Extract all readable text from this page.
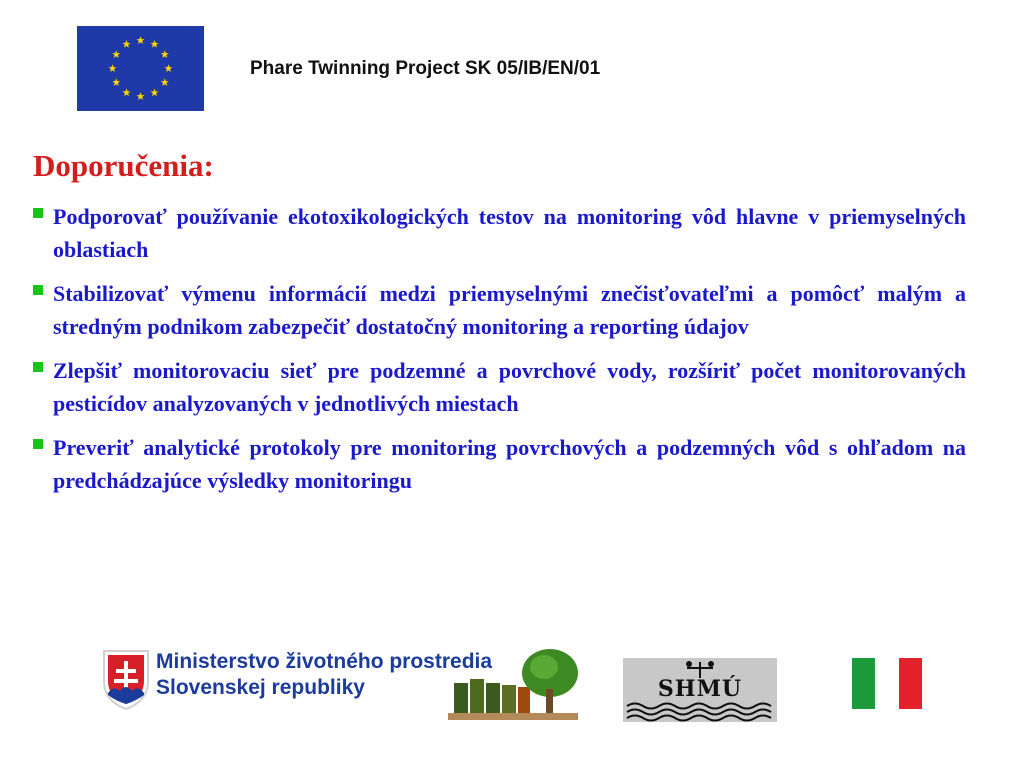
Phare Twinning Project SK 05/IB/EN/01
Doporučenia:
Podporovať používanie ekotoxikologických testov na monitoring vôd hlavne v priemyselných oblastiach
Stabilizovať výmenu informácií medzi priemyselnými znečisťovateľmi a pomôcť malým a stredným podnikom zabezpečiť dostatočný monitoring a reporting údajov
Zlepšiť monitorovaciu sieť pre podzemné a povrchové vody, rozšíriť počet monitorovaných pesticídov analyzovaných v jednotlivých miestach
Preveriť analytické protokoly pre monitoring povrchových a podzemných vôd s ohľadom na predchádzajúce výsledky monitoringu
Ministerstvo životného prostredia
Slovenskej republiky	SHMÚ
